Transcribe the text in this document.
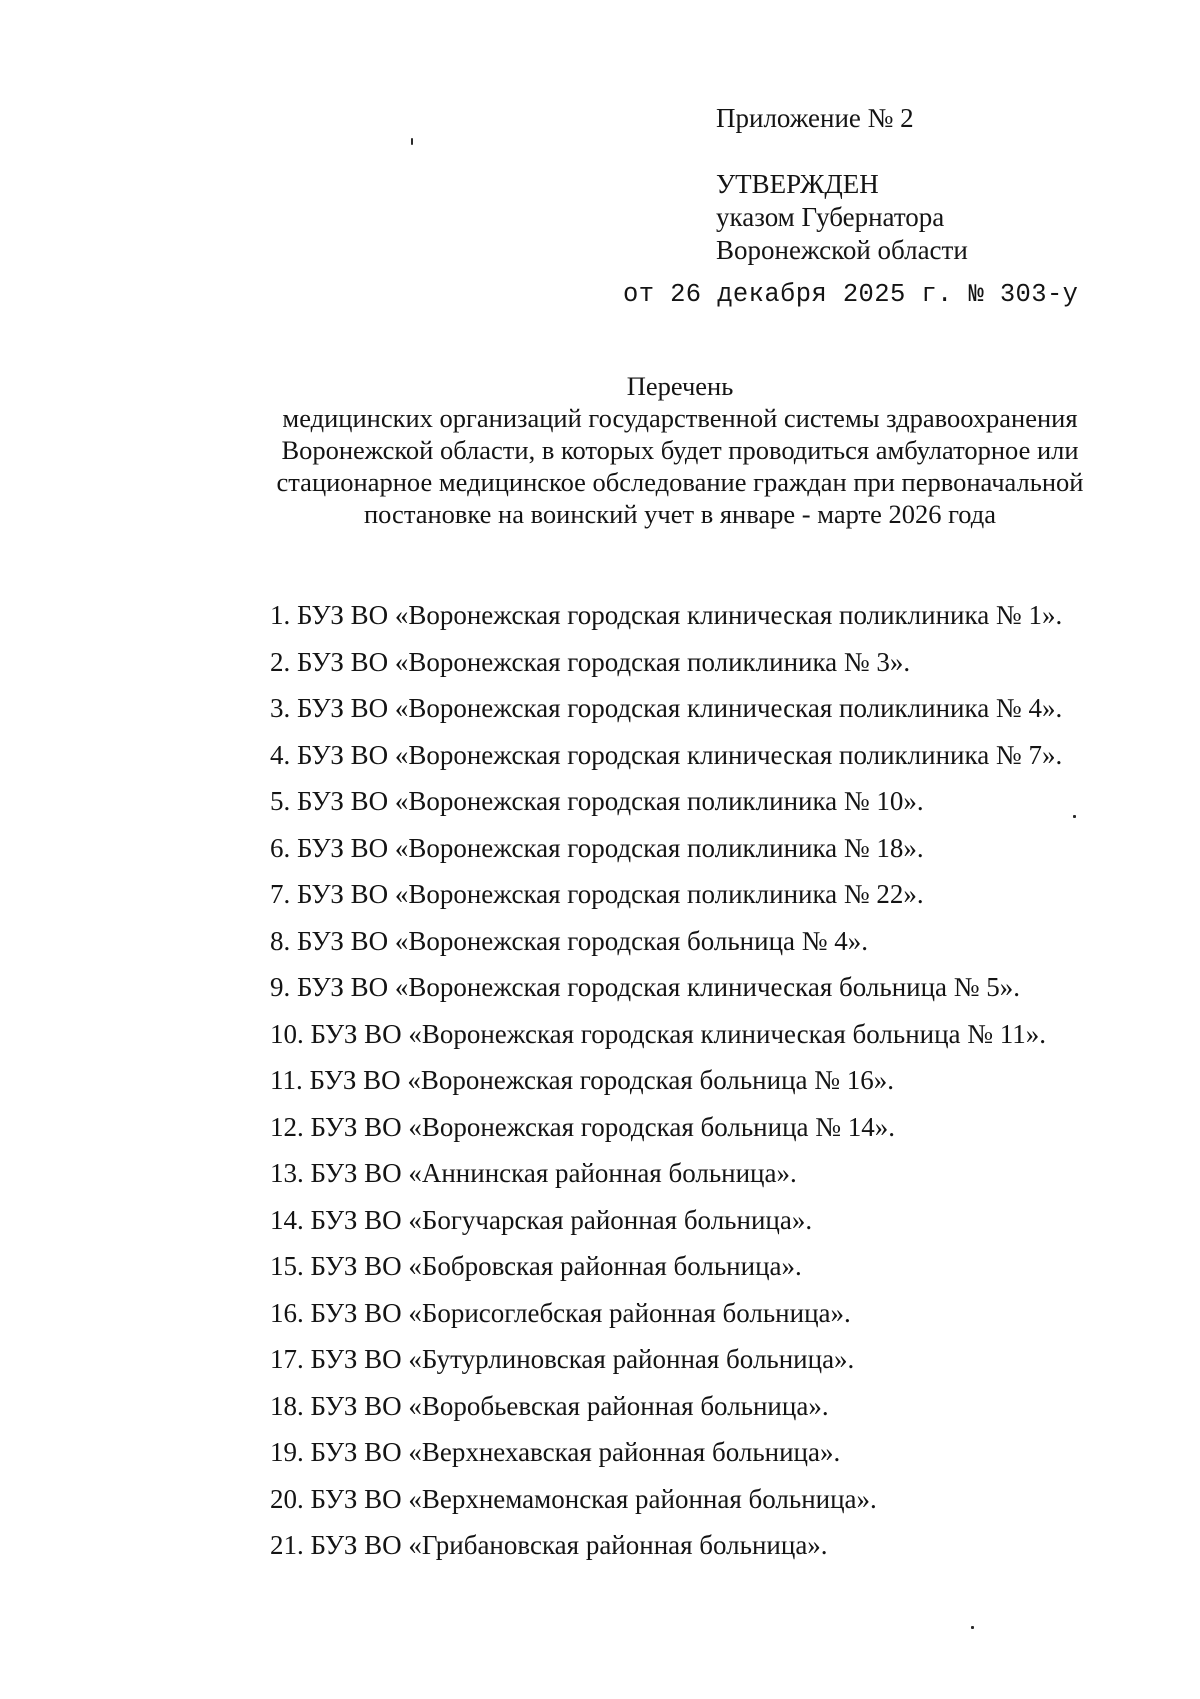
Приложение № 2
УТВЕРЖДЕН
указом Губернатора
Воронежской области
от 26 декабря 2025 г. № 303-у
Перечень
медицинских организаций государственной системы здравоохранения
Воронежской области, в которых будет проводиться амбулаторное или
стационарное медицинское обследование граждан при первоначальной
постановке на воинский учет в январе - марте 2026 года
1. БУЗ ВО «Воронежская городская клиническая поликлиника № 1».
2. БУЗ ВО «Воронежская городская поликлиника № 3».
3. БУЗ ВО «Воронежская городская клиническая поликлиника № 4».
4. БУЗ ВО «Воронежская городская клиническая поликлиника № 7».
5. БУЗ ВО «Воронежская городская поликлиника № 10».
6. БУЗ ВО «Воронежская городская поликлиника № 18».
7. БУЗ ВО «Воронежская городская поликлиника № 22».
8. БУЗ ВО «Воронежская городская больница № 4».
9. БУЗ ВО «Воронежская городская клиническая больница № 5».
10. БУЗ ВО «Воронежская городская клиническая больница № 11».
11. БУЗ ВО «Воронежская городская больница № 16».
12. БУЗ ВО «Воронежская городская больница № 14».
13. БУЗ ВО «Аннинская районная больница».
14. БУЗ ВО «Богучарская районная больница».
15. БУЗ ВО «Бобровская районная больница».
16. БУЗ ВО «Борисоглебская районная больница».
17. БУЗ ВО «Бутурлиновская районная больница».
18. БУЗ ВО «Воробьевская районная больница».
19. БУЗ ВО «Верхнехавская районная больница».
20. БУЗ ВО «Верхнемамонская районная больница».
21. БУЗ ВО «Грибановская районная больница».
